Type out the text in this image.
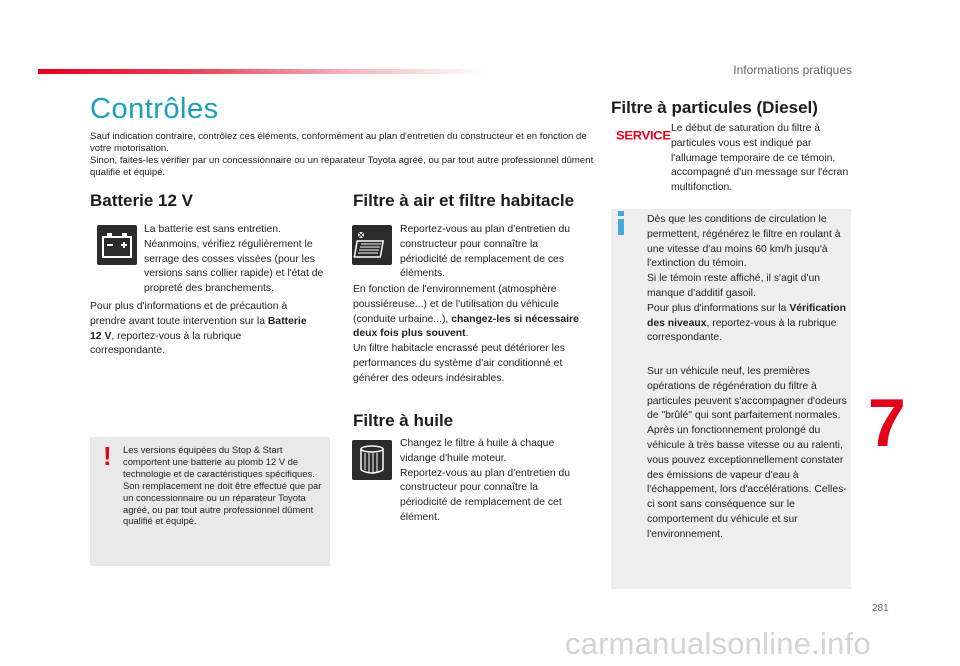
Informations pratiques
Contrôles
Sauf indication contraire, contrôlez ces éléments, conformément au plan d'entretien du constructeur et en fonction de votre motorisation.
Sinon, faites-les vérifier par un concessionnaire ou un réparateur Toyota agréé, ou par tout autre professionnel dûment qualifié et équipé.
Batterie 12 V
La batterie est sans entretien.
Néanmoins, vérifiez régulièrement le serrage des cosses vissées (pour les versions sans collier rapide) et l'état de propreté des branchements.
Pour plus d'informations et de précaution à prendre avant toute intervention sur la Batterie 12 V, reportez-vous à la rubrique correspondante.
! Les versions équipées du Stop & Start comportent une batterie au plomb 12 V de technologie et de caractéristiques spécifiques.
Son remplacement ne doit être effectué que par un concessionnaire ou un réparateur Toyota agréé, ou par tout autre professionnel dûment qualifié et équipé.
Filtre à air et filtre habitacle
Reportez-vous au plan d'entretien du constructeur pour connaître la périodicité de remplacement de ces éléments.
En fonction de l'environnement (atmosphère poussiéreuse...) et de l'utilisation du véhicule (conduite urbaine...), changez-les si nécessaire deux fois plus souvent.
Un filtre habitacle encrassé peut détériorer les performances du système d'air conditionné et générer des odeurs indésirables.
Filtre à huile
Changez le filtre à huile à chaque vidange d'huile moteur.
Reportez-vous au plan d'entretien du constructeur pour connaître la périodicité de remplacement de cet élément.
Filtre à particules (Diesel)
SERVICE
Le début de saturation du filtre à particules vous est indiqué par l'allumage temporaire de ce témoin, accompagné d'un message sur l'écran multifonction.
Dès que les conditions de circulation le permettent, régénérez le filtre en roulant à une vitesse d'au moins 60 km/h jusqu'à l'extinction du témoin.
Si le témoin reste affiché, il s'agit d'un manque d'additif gasoil.
Pour plus d'informations sur la Vérification des niveaux, reportez-vous à la rubrique correspondante.
Sur un véhicule neuf, les premières opérations de régénération du filtre à particules peuvent s'accompagner d'odeurs de "brûlé" qui sont parfaitement normales.
Après un fonctionnement prolongé du véhicule à très basse vitesse ou au ralenti, vous pouvez exceptionnellement constater des émissions de vapeur d'eau à l'échappement, lors d'accélérations. Celles-ci sont sans conséquence sur le comportement du véhicule et sur l'environnement.
7
281
carmanualsonline.info
